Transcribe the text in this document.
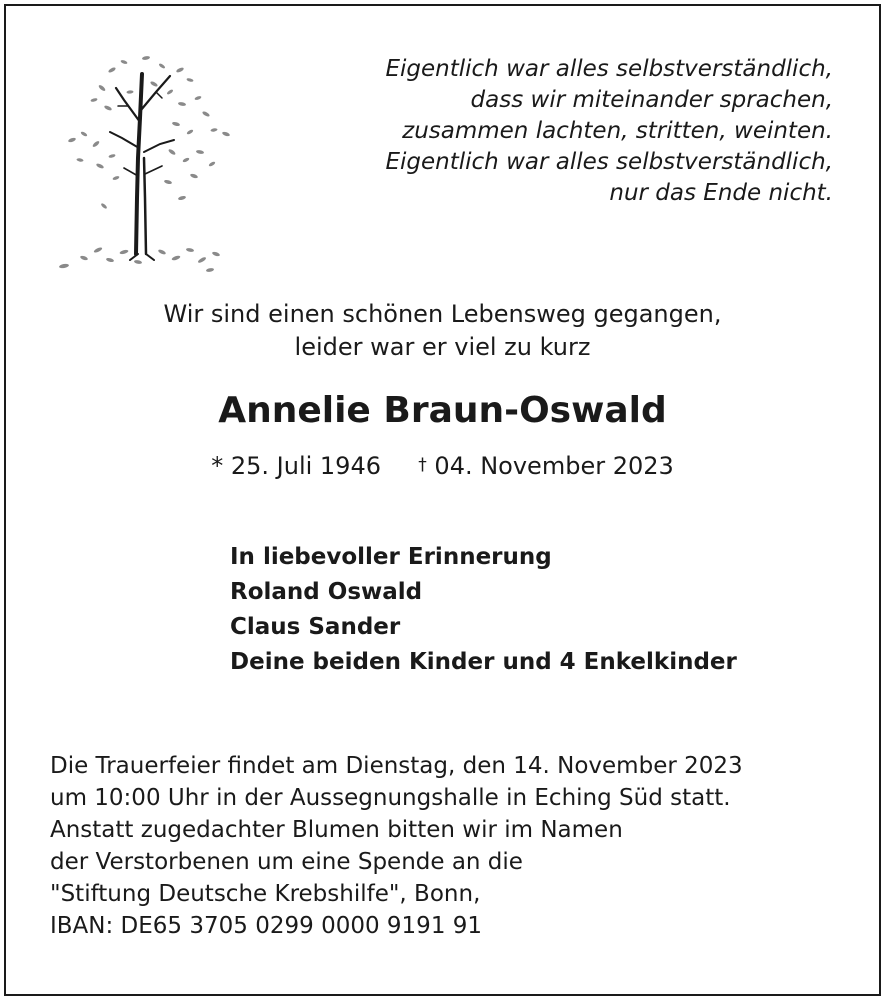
Eigentlich war alles selbstverständlich,
dass wir miteinander sprachen,
zusammen lachten, stritten, weinten.
Eigentlich war alles selbstverständlich,
nur das Ende nicht.
Wir sind einen schönen Lebensweg gegangen,
leider war er viel zu kurz
Annelie Braun-Oswald
* 25. Juli 1946 † 04. November 2023
In liebevoller Erinnerung
Roland Oswald
Claus Sander
Deine beiden Kinder und 4 Enkelkinder
Die Trauerfeier findet am Dienstag, den 14. November 2023
um 10:00 Uhr in der Aussegnungshalle in Eching Süd statt.
Anstatt zugedachter Blumen bitten wir im Namen
der Verstorbenen um eine Spende an die
"Stiftung Deutsche Krebshilfe", Bonn,
IBAN: DE65 3705 0299 0000 9191 91
